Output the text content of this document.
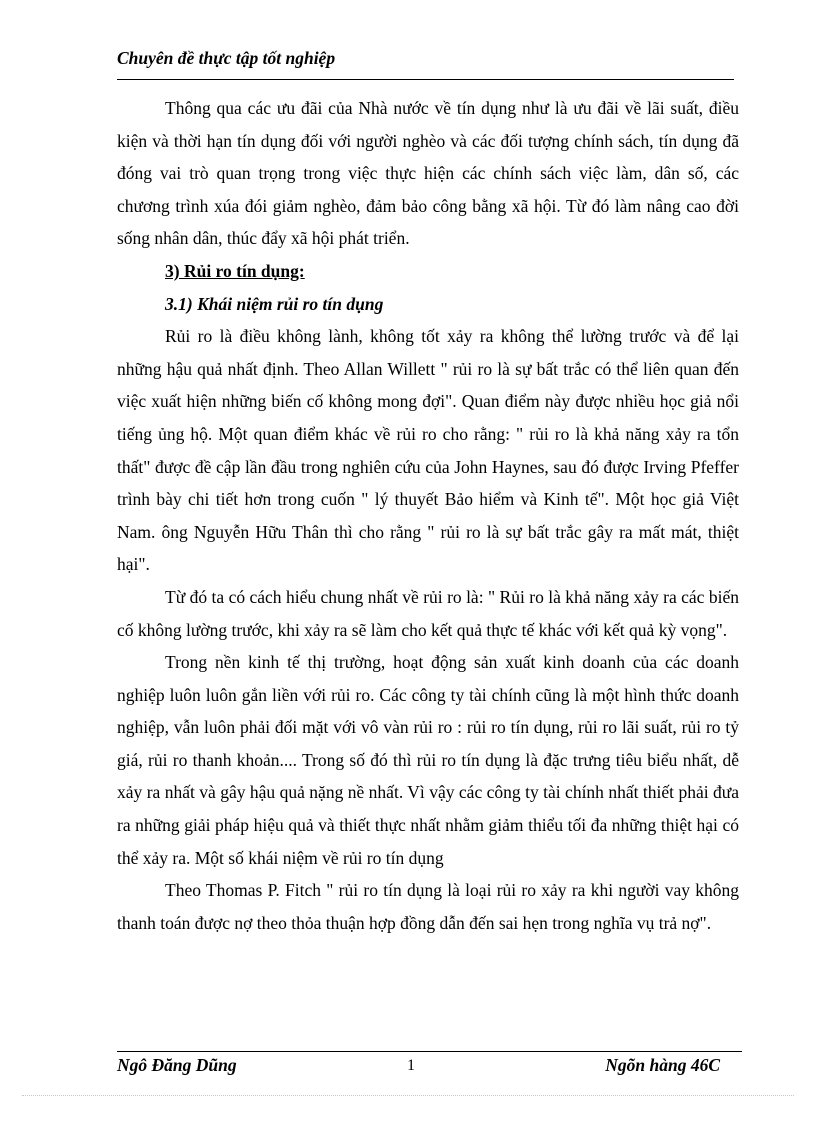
Chuyên đề thực tập tốt nghiệp

Thông qua các ưu đãi của Nhà nước về tín dụng như là ưu đãi về lãi suất, điều kiện và thời hạn tín dụng đối với người nghèo và các đối tượng chính sách, tín dụng đã đóng vai trò quan trọng trong việc thực hiện các chính sách việc làm, dân số, các chương trình xúa đói giảm nghèo, đảm bảo công bằng xã hội. Từ đó làm nâng cao đời sống nhân dân, thúc đẩy xã hội phát triển.

3) Rủi ro tín dụng:

3.1) Khái niệm rủi ro tín dụng

Rủi ro là điều không lành, không tốt xảy ra không thể lường trước và để lại những hậu quả nhất định. Theo Allan Willett " rủi ro là sự bất trắc có thể liên quan đến việc xuất hiện những biến cố không mong đợi". Quan điểm này được nhiều học giả nổi tiếng ủng hộ. Một quan điểm khác về rủi ro cho rằng: " rủi ro là khả năng xảy ra tổn thất" được đề cập lần đầu trong nghiên cứu của John Haynes, sau đó được Irving Pfeffer trình bày chi tiết hơn trong cuốn " lý thuyết Bảo hiểm và Kinh tế". Một học giả Việt Nam. ông Nguyễn Hữu Thân thì cho rằng " rủi ro là sự bất trắc gây ra mất mát, thiệt hại".

Từ đó ta có cách hiểu chung nhất về rủi ro là: " Rủi ro là khả năng xảy ra các biến cố không lường trước, khi xảy ra sẽ làm cho kết quả thực tế khác với kết quả kỳ vọng".

Trong nền kinh tế thị trường, hoạt động sản xuất kinh doanh của các doanh nghiệp luôn luôn gắn liền với rủi ro. Các công ty tài chính cũng là một hình thức doanh nghiệp, vẫn luôn phải đối mặt với vô vàn rủi ro : rủi ro tín dụng, rủi ro lãi suất, rủi ro tỷ giá, rủi ro thanh khoản.... Trong số đó thì rủi ro tín dụng là đặc trưng tiêu biểu nhất, dễ xảy ra nhất và gây hậu quả nặng nề nhất. Vì vậy các công ty tài chính nhất thiết phải đưa ra những giải pháp hiệu quả và thiết thực nhất nhằm giảm thiểu tối đa những thiệt hại có thể xảy ra. Một số khái niệm về rủi ro tín dụng

Theo Thomas P. Fitch " rủi ro tín dụng là loại rủi ro xảy ra khi người vay không thanh toán được nợ theo thỏa thuận hợp đồng dẫn đến sai hẹn trong nghĩa vụ trả nợ".

Ngô Đăng Dũng	1	Ngõn hàng 46C
